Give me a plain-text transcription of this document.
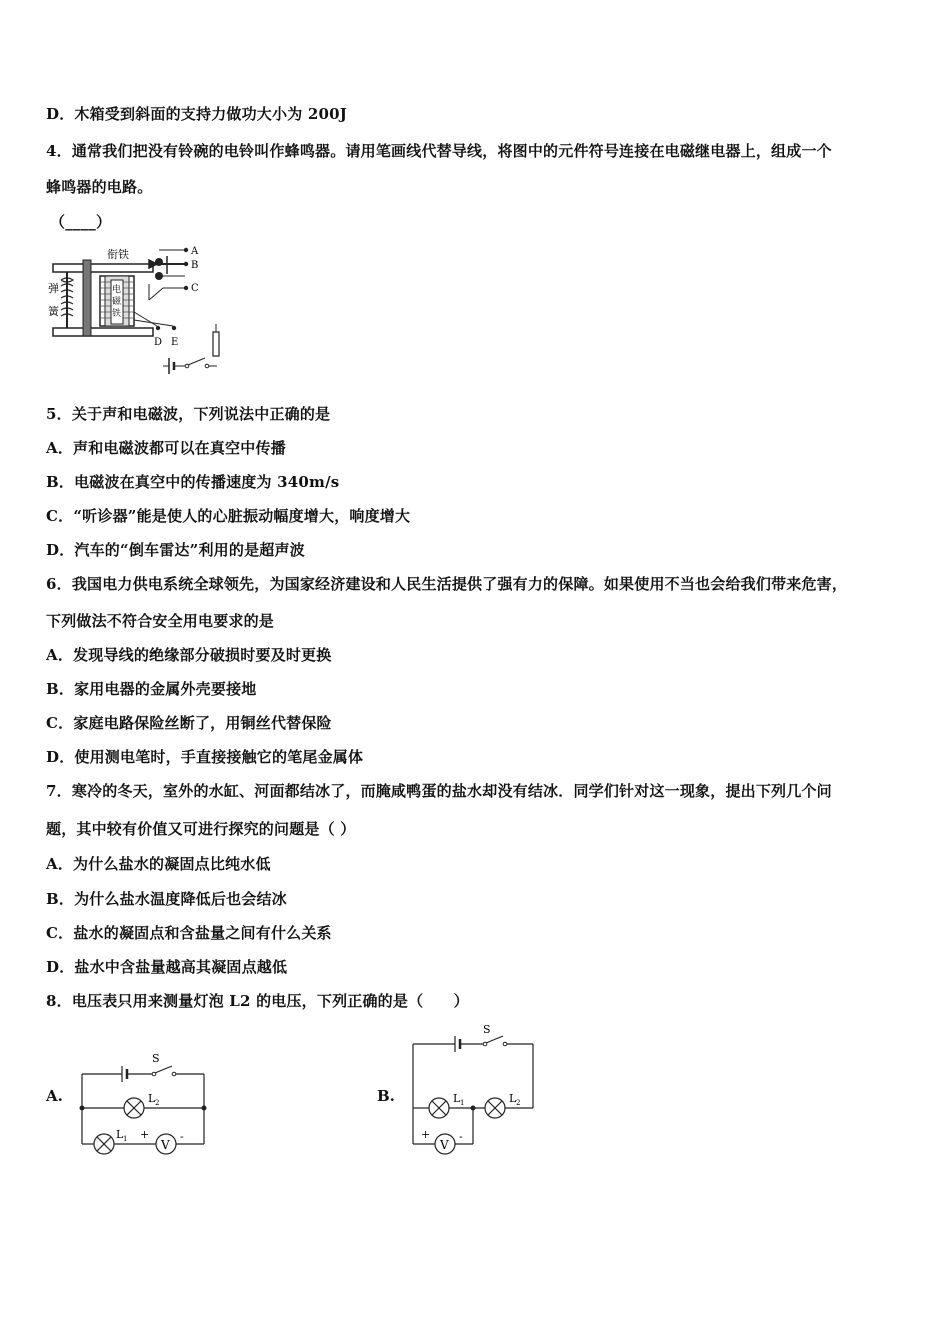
D．木箱受到斜面的支持力做功大小为 200J
4．通常我们把没有铃碗的电铃叫作蜂鸣器。请用笔画线代替导线，将图中的元件符号连接在电磁继电器上，组成一个
蜂鸣器的电路。
（____）
弹
簧
电
磁
铁
衔铁	A
B
C
D E
5．关于声和电磁波，下列说法中正确的是
A．声和电磁波都可以在真空中传播
B．电磁波在真空中的传播速度为 340m/s
C．“听诊器”能是使人的心脏振动幅度增大，响度增大
D．汽车的“倒车雷达”利用的是超声波
6．我国电力供电系统全球领先，为国家经济建设和人民生活提供了强有力的保障。如果使用不当也会给我们带来危害，
下列做法不符合安全用电要求的是
A．发现导线的绝缘部分破损时要及时更换
B．家用电器的金属外壳要接地
C．家庭电路保险丝断了，用铜丝代替保险
D．使用测电笔时，手直接接触它的笔尾金属体
7．寒冷的冬天，室外的水缸、河面都结冰了，而腌咸鸭蛋的盐水却没有结冰．同学们针对这一现象，提出下列几个问
题，其中较有价值又可进行探究的问题是（ ）
A．为什么盐水的凝固点比纯水低
B．为什么盐水温度降低后也会结冰
C．盐水的凝固点和含盐量之间有什么关系
D．盐水中含盐量越高其凝固点越低
8．电压表只用来测量灯泡 L2 的电压，下列正确的是（　　）
A.	B.
S
L 2
L 1 +
V
-
S
L 1	L 2
+
V
-
